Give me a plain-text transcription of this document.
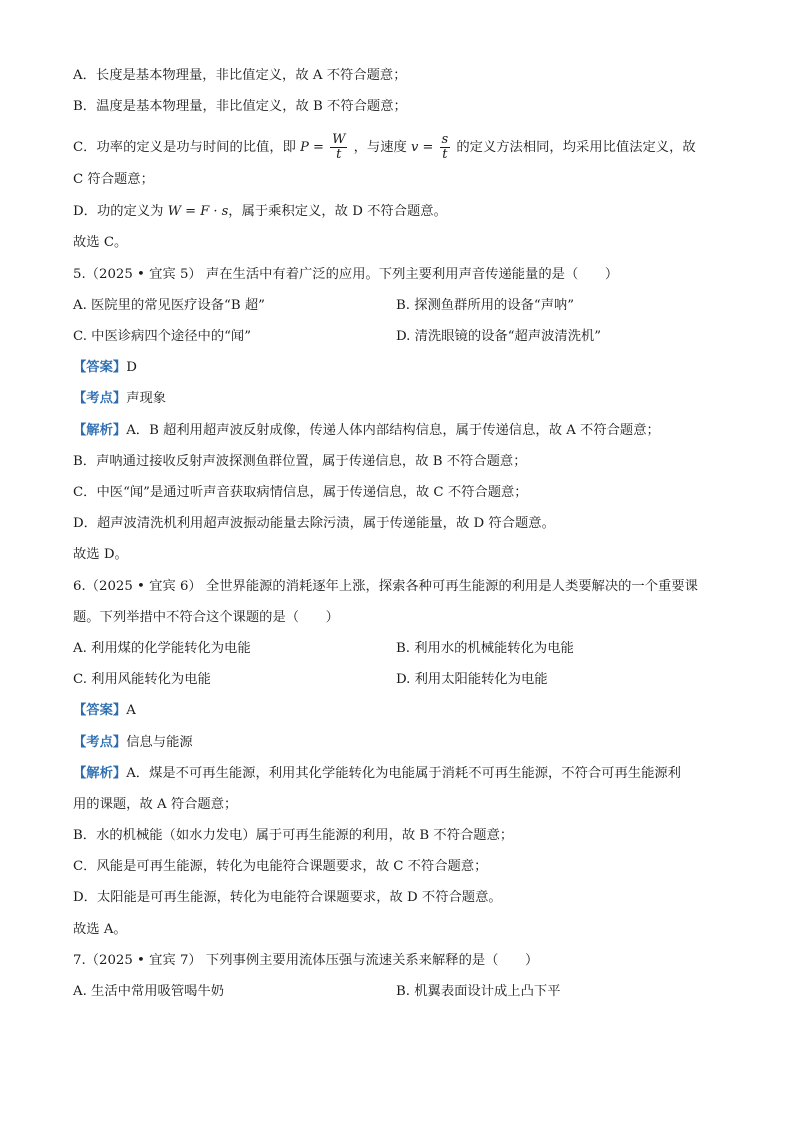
A．长度是基本物理量，非比值定义，故 A 不符合题意；
B．温度是基本物理量，非比值定义，故 B 不符合题意；
C．功率的定义是功与时间的比值，即 $P = \frac{W}{t}$ ，与速度 $v = \frac{s}{t}$ 的定义方法相同，均采用比值法定义，故
C 符合题意；
D．功的定义为 W = F · s，属于乘积定义，故 D 不符合题意。
故选 C。
5.（2025 • 宜宾 5） 声在生活中有着广泛的应用。下列主要利用声音传递能量的是（　　）
A. 医院里的常见医疗设备“B 超”	B. 探测鱼群所用的设备“声呐”
C. 中医诊病四个途径中的“闻”	D. 清洗眼镜的设备“超声波清洗机”
【答案】D
【考点】声现象
【解析】A．B 超利用超声波反射成像，传递人体内部结构信息，属于传递信息，故 A 不符合题意；
B．声呐通过接收反射声波探测鱼群位置，属于传递信息，故 B 不符合题意；
C．中医“闻”是通过听声音获取病情信息，属于传递信息，故 C 不符合题意；
D．超声波清洗机利用超声波振动能量去除污渍，属于传递能量，故 D 符合题意。
故选 D。
6.（2025 • 宜宾 6） 全世界能源的消耗逐年上涨，探索各种可再生能源的利用是人类要解决的一个重要课
题。下列举措中不符合这个课题的是（　　）
A. 利用煤的化学能转化为电能	B. 利用水的机械能转化为电能
C. 利用风能转化为电能	D. 利用太阳能转化为电能
【答案】A
【考点】信息与能源
【解析】A．煤是不可再生能源，利用其化学能转化为电能属于消耗不可再生能源，不符合可再生能源利
用的课题，故 A 符合题意；
B．水的机械能（如水力发电）属于可再生能源的利用，故 B 不符合题意；
C．风能是可再生能源，转化为电能符合课题要求，故 C 不符合题意；
D．太阳能是可再生能源，转化为电能符合课题要求，故 D 不符合题意。
故选 A。
7.（2025 • 宜宾 7） 下列事例主要用流体压强与流速关系来解释的是（　　）
A. 生活中常用吸管喝牛奶	B. 机翼表面设计成上凸下平
